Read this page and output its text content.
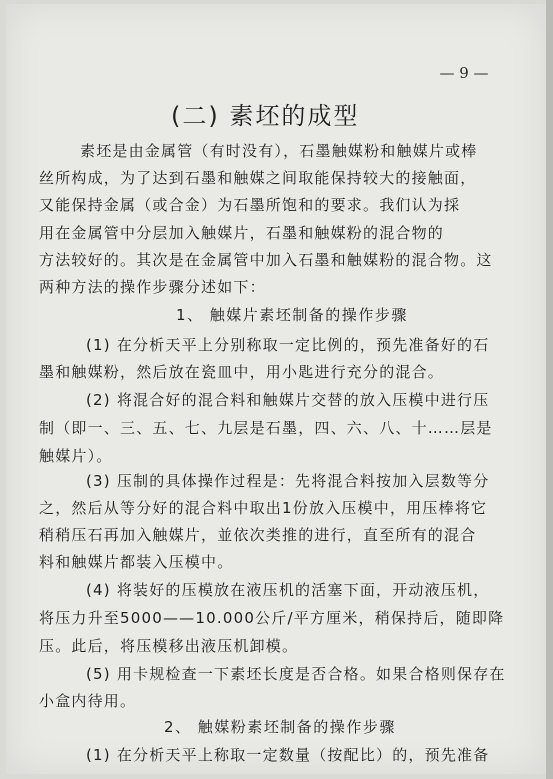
— 9 —
(二) 素坯的成型
素坯是由金属管（有时没有），石墨触媒粉和触媒片或棒
丝所构成，为了达到石墨和触媒之间取能保持较大的接触面，
又能保持金属（或合金）为石墨所饱和的要求。我们认为採
用在金属管中分层加入触媒片，石墨和触媒粉的混合物的
方法较好的。其次是在金属管中加入石墨和触媒粉的混合物。这
两种方法的操作步骤分述如下：
1、 触媒片素坯制备的操作步骤
(1) 在分析天平上分别称取一定比例的，预先准备好的石
墨和触媒粉，然后放在瓷皿中，用小匙进行充分的混合。
(2) 将混合好的混合料和触媒片交替的放入压模中进行压
制（即一、三、五、七、九层是石墨，四、六、八、十……层是
触媒片）。
(3) 压制的具体操作过程是：先将混合料按加入层数等分
之，然后从等分好的混合料中取出1份放入压模中，用压棒将它
稍稍压石再加入触媒片，並依次类推的进行，直至所有的混合
料和触媒片都装入压模中。
(4) 将装好的压模放在液压机的活塞下面，开动液压机，
将压力升至5000——10.000公斤/平方厘米，稍保持后，随即降
压。此后，将压模移出液压机卸模。
(5) 用卡规检查一下素坯长度是否合格。如果合格则保存在
小盒内待用。
2、 触媒粉素坯制备的操作步骤
(1) 在分析天平上称取一定数量（按配比）的，预先准备
